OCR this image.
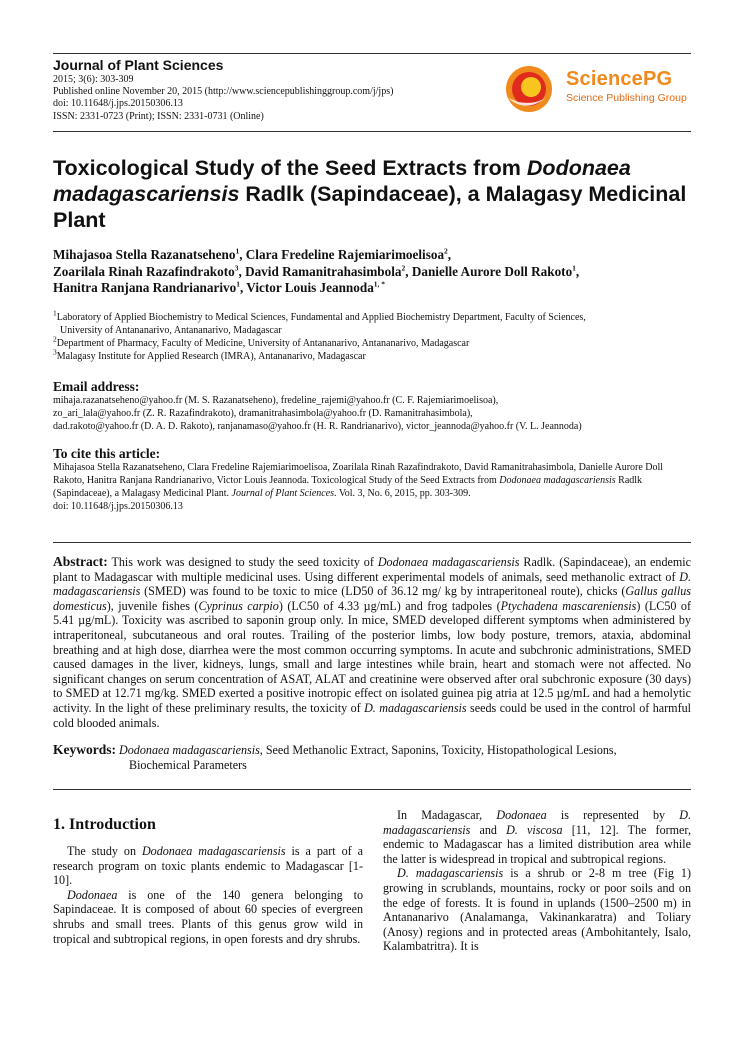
Journal of Plant Sciences
2015; 3(6): 303-309
Published online November 20, 2015 (http://www.sciencepublishinggroup.com/j/jps)
doi: 10.11648/j.jps.20150306.13
ISSN: 2331-0723 (Print); ISSN: 2331-0731 (Online)
SciencePG
Science Publishing Group
Toxicological Study of the Seed Extracts from Dodonaea madagascariensis Radlk (Sapindaceae), a Malagasy Medicinal Plant
Mihajasoa Stella Razanatseheno$^1$, Clara Fredeline Rajemiarimoelisoa$^2$,
Zoarilala Rinah Razafindrakoto$^3$, David Ramanitrahasimbola$^2$, Danielle Aurore Doll Rakoto$^1$,
Hanitra Ranjana Randrianarivo$^1$, Victor Louis Jeannoda$^{1, *}$
$^1$Laboratory of Applied Biochemistry to Medical Sciences, Fundamental and Applied Biochemistry Department, Faculty of Sciences,
University of Antananarivo, Antananarivo, Madagascar
$^2$Department of Pharmacy, Faculty of Medicine, University of Antananarivo, Antananarivo, Madagascar
$^3$Malagasy Institute for Applied Research (IMRA), Antananarivo, Madagascar
Email address:
mihaja.razanatseheno@yahoo.fr (M. S. Razanatseheno), fredeline_rajemi@yahoo.fr (C. F. Rajemiarimoelisoa),
zo_ari_lala@yahoo.fr (Z. R. Razafindrakoto), dramanitrahasimbola@yahoo.fr (D. Ramanitrahasimbola),
dad.rakoto@yahoo.fr (D. A. D. Rakoto), ranjanamaso@yahoo.fr (H. R. Randrianarivo), victor_jeannoda@yahoo.fr (V. L. Jeannoda)
To cite this article:
Mihajasoa Stella Razanatseheno, Clara Fredeline Rajemiarimoelisoa, Zoarilala Rinah Razafindrakoto, David Ramanitrahasimbola, Danielle Aurore Doll Rakoto, Hanitra Ranjana Randrianarivo, Victor Louis Jeannoda. Toxicological Study of the Seed Extracts from Dodonaea madagascariensis Radlk (Sapindaceae), a Malagasy Medicinal Plant. Journal of Plant Sciences. Vol. 3, No. 6, 2015, pp. 303-309.
doi: 10.11648/j.jps.20150306.13
Abstract: This work was designed to study the seed toxicity of Dodonaea madagascariensis Radlk. (Sapindaceae), an endemic plant to Madagascar with multiple medicinal uses. Using different experimental models of animals, seed methanolic extract of D. madagascariensis (SMED) was found to be toxic to mice (LD50 of 36.12 mg/ kg by intraperitoneal route), chicks (Gallus gallus domesticus), juvenile fishes (Cyprinus carpio) (LC50 of 4.33 µg/mL) and frog tadpoles (Ptychadena mascareniensis) (LC50 of 5.41 µg/mL). Toxicity was ascribed to saponin group only. In mice, SMED developed different symptoms when administered by intraperitoneal, subcutaneous and oral routes. Trailing of the posterior limbs, low body posture, tremors, ataxia, abdominal breathing and at high dose, diarrhea were the most common occurring symptoms. In acute and subchronic administrations, SMED caused damages in the liver, kidneys, lungs, small and large intestines while brain, heart and stomach were not affected. No significant changes on serum concentration of ASAT, ALAT and creatinine were observed after oral subchronic exposure (30 days) to SMED at 12.71 mg/kg. SMED exerted a positive inotropic effect on isolated guinea pig atria at 12.5 µg/mL and had a hemolytic activity. In the light of these preliminary results, the toxicity of D. madagascariensis seeds could be used in the control of harmful cold blooded animals.
Keywords: Dodonaea madagascariensis, Seed Methanolic Extract, Saponins, Toxicity, Histopathological Lesions,
Biochemical Parameters
1. Introduction

The study on Dodonaea madagascariensis is a part of a research program on toxic plants endemic to Madagascar [1-10].

Dodonaea is one of the 140 genera belonging to Sapindaceae. It is composed of about 60 species of evergreen shrubs and small trees. Plants of this genus grow wild in tropical and subtropical regions, in open forests and dry shrubs.

In Madagascar, Dodonaea is represented by D. madagascariensis and D. viscosa [11, 12]. The former, endemic to Madagascar has a limited distribution area while the latter is widespread in tropical and subtropical regions.

D. madagascariensis is a shrub or 2-8 m tree (Fig 1) growing in scrublands, mountains, rocky or poor soils and on the edge of forests. It is found in uplands (1500–2500 m) in Antananarivo (Analamanga, Vakinankaratra) and Toliary (Anosy) regions and in protected areas (Ambohitantely, Isalo, Kalambatritra). It is
